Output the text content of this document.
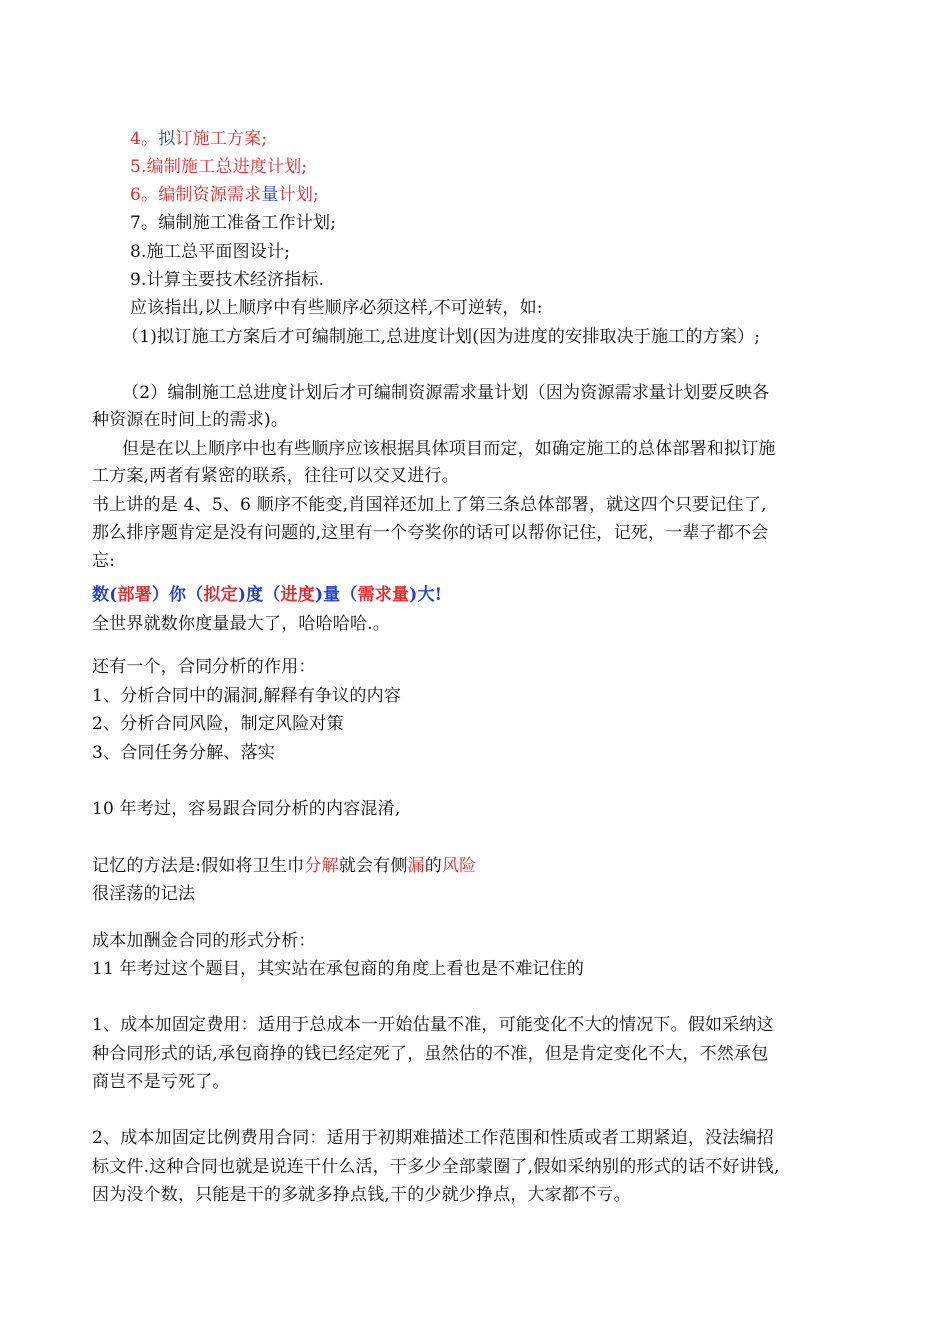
4。拟订施工方案;
5.编制施工总进度计划;
6。编制资源需求量计划;
7。编制施工准备工作计划;
8.施工总平面图设计;
9.计算主要技术经济指标.
应该指出,以上顺序中有些顺序必须这样,不可逆转，如:
（1)拟订施工方案后才可编制施工,总进度计划(因为进度的安排取决于施工的方案）;
（2）编制施工总进度计划后才可编制资源需求量计划（因为资源需求量计划要反映各
种资源在时间上的需求)。
但是在以上顺序中也有些顺序应该根据具体项目而定，如确定施工的总体部署和拟订施
工方案,两者有紧密的联系，往往可以交叉进行。
书上讲的是 4、5、6 顺序不能变,肖国祥还加上了第三条总体部署，就这四个只要记住了,
那么排序题肯定是没有问题的,这里有一个夸奖你的话可以帮你记住，记死，一辈子都不会
忘:
数(部署）你（拟定)度（进度)量（需求量)大!
全世界就数你度量最大了，哈哈哈哈.。
还有一个，合同分析的作用：
1、分析合同中的漏洞,解释有争议的内容
2、分析合同风险，制定风险对策
3、合同任务分解、落实
10 年考过，容易跟合同分析的内容混淆,
记忆的方法是:假如将卫生巾分解就会有侧漏的风险
很淫荡的记法
成本加酬金合同的形式分析：
11 年考过这个题目，其实站在承包商的角度上看也是不难记住的
1、成本加固定费用：适用于总成本一开始估量不准，可能变化不大的情况下。假如采纳这
种合同形式的话,承包商挣的钱已经定死了，虽然估的不准，但是肯定变化不大，不然承包
商岂不是亏死了。
2、成本加固定比例费用合同：适用于初期难描述工作范围和性质或者工期紧迫，没法编招
标文件.这种合同也就是说连干什么活，干多少全部蒙圈了,假如采纳别的形式的话不好讲钱,
因为没个数，只能是干的多就多挣点钱,干的少就少挣点，大家都不亏。
